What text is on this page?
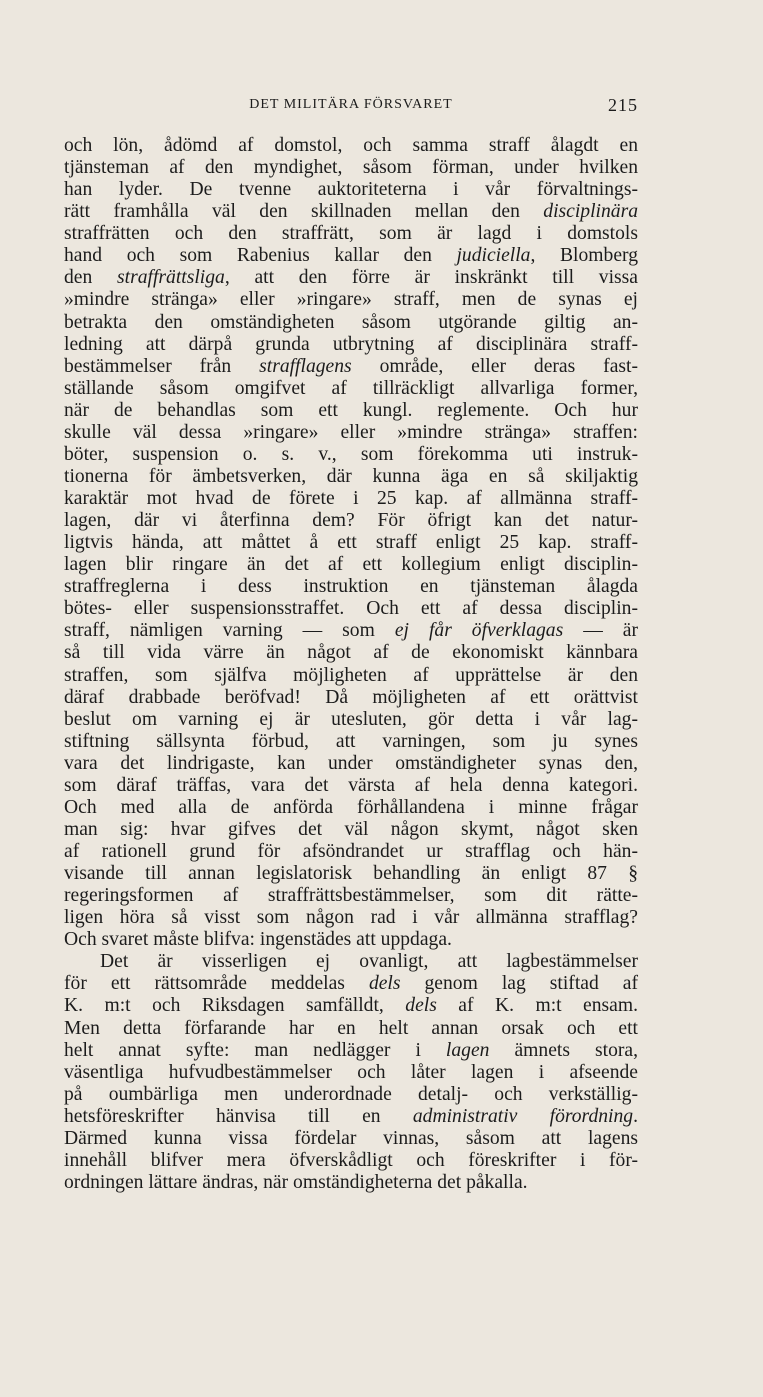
DET MILITÄRA FÖRSVARET	215
och lön, ådömd af domstol, och samma straff ålagdt en
tjänsteman af den myndighet, såsom förman, under hvilken
han lyder. De tvenne auktoriteterna i vår förvaltnings-
rätt framhålla väl den skillnaden mellan den disciplinära
straffrätten och den straffrätt, som är lagd i domstols
hand och som Rabenius kallar den judiciella, Blomberg
den straffrättsliga, att den förre är inskränkt till vissa
»mindre stränga» eller »ringare» straff, men de synas ej
betrakta den omständigheten såsom utgörande giltig an-
ledning att därpå grunda utbrytning af disciplinära straff-
bestämmelser från strafflagens område, eller deras fast-
ställande såsom omgifvet af tillräckligt allvarliga former,
när de behandlas som ett kungl. reglemente. Och hur
skulle väl dessa »ringare» eller »mindre stränga» straffen:
böter, suspension o. s. v., som förekomma uti instruk-
tionerna för ämbetsverken, där kunna äga en så skiljaktig
karaktär mot hvad de förete i 25 kap. af allmänna straff-
lagen, där vi återfinna dem? För öfrigt kan det natur-
ligtvis hända, att måttet å ett straff enligt 25 kap. straff-
lagen blir ringare än det af ett kollegium enligt disciplin-
straffreglerna i dess instruktion en tjänsteman ålagda
bötes- eller suspensionsstraffet. Och ett af dessa disciplin-
straff, nämligen varning — som ej får öfverklagas — är
så till vida värre än något af de ekonomiskt kännbara
straffen, som själfva möjligheten af upprättelse är den
däraf drabbade beröfvad! Då möjligheten af ett orättvist
beslut om varning ej är utesluten, gör detta i vår lag-
stiftning sällsynta förbud, att varningen, som ju synes
vara det lindrigaste, kan under omständigheter synas den,
som däraf träffas, vara det värsta af hela denna kategori.
Och med alla de anförda förhållandena i minne frågar
man sig: hvar gifves det väl någon skymt, något sken
af rationell grund för afsöndrandet ur strafflag och hän-
visande till annan legislatorisk behandling än enligt 87 §
regeringsformen af straffrättsbestämmelser, som dit rätte-
ligen höra så visst som någon rad i vår allmänna strafflag?
Och svaret måste blifva: ingenstädes att uppdaga.
Det är visserligen ej ovanligt, att lagbestämmelser
för ett rättsområde meddelas dels genom lag stiftad af
K. m:t och Riksdagen samfälldt, dels af K. m:t ensam.
Men detta förfarande har en helt annan orsak och ett
helt annat syfte: man nedlägger i lagen ämnets stora,
väsentliga hufvudbestämmelser och låter lagen i afseende
på oumbärliga men underordnade detalj- och verkställig-
hetsföreskrifter hänvisa till en administrativ förordning.
Därmed kunna vissa fördelar vinnas, såsom att lagens
innehåll blifver mera öfverskådligt och föreskrifter i för-
ordningen lättare ändras, när omständigheterna det påkalla.
